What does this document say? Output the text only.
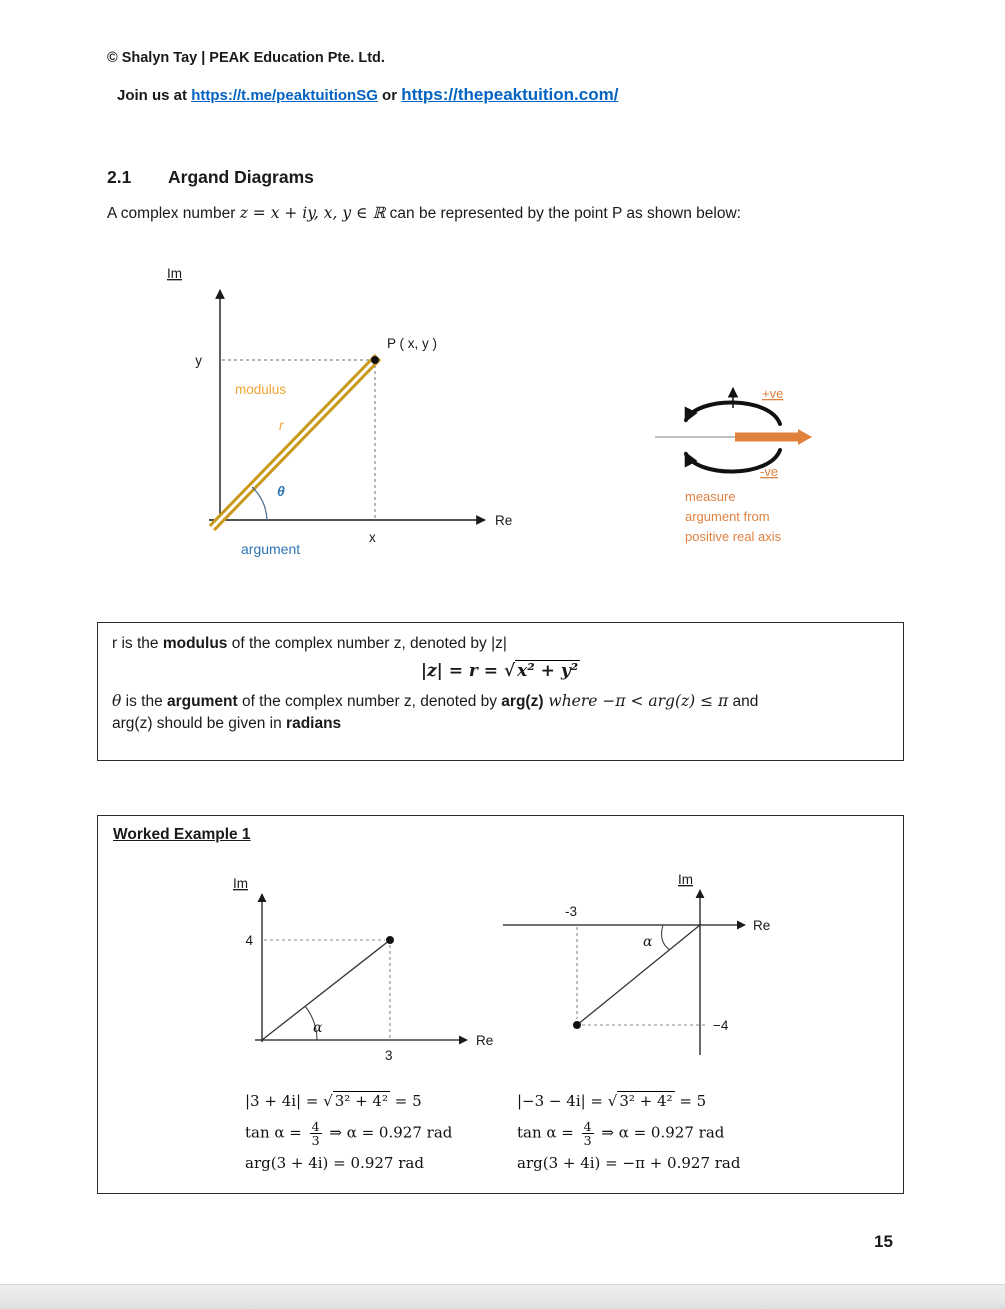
© Shalyn Tay | PEAK Education Pte. Ltd.
Join us at https://t.me/peaktuitionSG or https://thepeaktuition.com/
2.1 Argand Diagrams
A complex number z = x + iy, x, y ∈ ℝ can be represented by the point P as shown below:
Im
Re
P ( x, y )
y
x
modulus
r
θ
argument
+ve
-ve
measure
argument from
positive real axis
r is the modulus of the complex number z, denoted by |z|
|z| = r = √ x² + y²
θ is the argument of the complex number z, denoted by arg(z) where −π < arg(z) ≤ π and
arg(z) should be given in radians
Worked Example 1
Im
Re
4
3
α
Im
Re
-3
−4
α
|3 + 4i| = √ 3² + 4² = 5
$\tan \alpha = \frac{4}{3}$ ⇒ α = 0.927 rad
arg(3 + 4i) = 0.927 rad
|−3 − 4i| = √ 3² + 4² = 5
$\tan \alpha = \frac{4}{3}$ ⇒ α = 0.927 rad
arg(3 + 4i) = −π + 0.927 rad
15
